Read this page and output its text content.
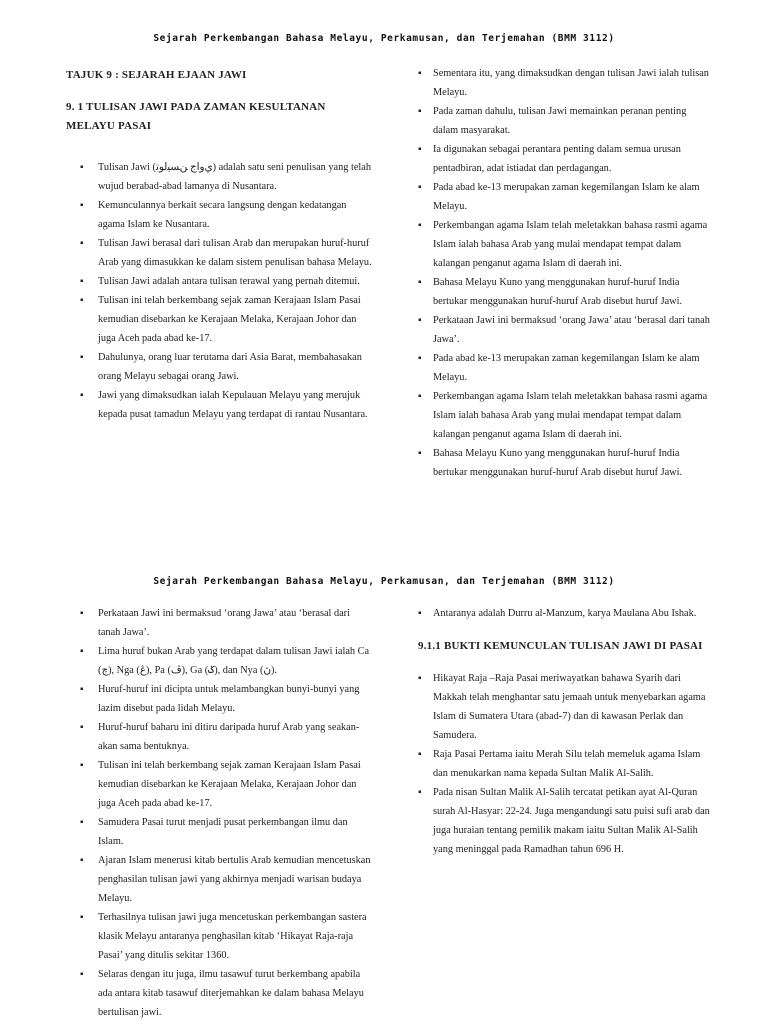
Sejarah Perkembangan Bahasa Melayu, Perkamusan, dan Terjemahan (BMM 3112)
TAJUK 9 : SEJARAH EJAAN JAWI
9. 1 TULISAN JAWI PADA ZAMAN KESULTANAN MELAYU PASAI
▪ Tulisan Jawi (ﻱﻭﺍﺝ ﻦﺴﻴﻟﻮﺗ) adalah satu seni penulisan yang telah wujud berabad-abad lamanya di Nusantara.
▪ Kemunculannya berkait secara langsung dengan kedatangan agama Islam ke Nusantara.
▪ Tulisan Jawi berasal dari tulisan Arab dan merupakan huruf-huruf Arab yang dimasukkan ke dalam sistem penulisan bahasa Melayu.
▪ Tulisan Jawi adalah antara tulisan terawal yang pernah ditemui.
▪ Tulisan ini telah berkembang sejak zaman Kerajaan Islam Pasai kemudian disebarkan ke Kerajaan Melaka, Kerajaan Johor dan juga Aceh pada abad ke-17.
▪ Dahulunya, orang luar terutama dari Asia Barat, membahasakan orang Melayu sebagai orang Jawi.
▪ Jawi yang dimaksudkan ialah Kepulauan Melayu yang merujuk kepada pusat tamadun Melayu yang terdapat di rantau Nusantara.
▪ Sementara itu, yang dimaksudkan dengan tulisan Jawi ialah tulisan Melayu.
▪ Pada zaman dahulu, tulisan Jawi memainkan peranan penting dalam masyarakat.
▪ Ia digunakan sebagai perantara penting dalam semua urusan pentadbiran, adat istiadat dan perdagangan.
▪ Pada abad ke-13 merupakan zaman kegemilangan Islam ke alam Melayu.
▪ Perkembangan agama Islam telah meletakkan bahasa rasmi agama Islam ialah bahasa Arab yang mulai mendapat tempat dalam kalangan penganut agama Islam di daerah ini.
▪ Bahasa Melayu Kuno yang menggunakan huruf-huruf India bertukar menggunakan huruf-huruf Arab disebut huruf Jawi.
▪ Perkataan Jawi ini bermaksud ‘orang Jawa’ atau ‘berasal dari tanah Jawa’.
▪ Pada abad ke-13 merupakan zaman kegemilangan Islam ke alam Melayu.
▪ Perkembangan agama Islam telah meletakkan bahasa rasmi agama Islam ialah bahasa Arab yang mulai mendapat tempat dalam kalangan penganut agama Islam di daerah ini.
▪ Bahasa Melayu Kuno yang menggunakan huruf-huruf India bertukar menggunakan huruf-huruf Arab disebut huruf Jawi.
Sejarah Perkembangan Bahasa Melayu, Perkamusan, dan Terjemahan (BMM 3112)
▪ Perkataan Jawi ini bermaksud ‘orang Jawa’ atau ‘berasal dari tanah Jawa’.
▪ Lima huruf bukan Arab yang terdapat dalam tulisan Jawi ialah Ca (چ), Nga (ڠ), Pa (ڤ), Ga (ݢ), dan Nya (ڽ).
▪ Huruf-huruf ini dicipta untuk melambangkan bunyi-bunyi yang lazim disebut pada lidah Melayu.
▪ Huruf-huruf baharu ini ditiru daripada huruf Arab yang seakan-akan sama bentuknya.
▪ Tulisan ini telah berkembang sejak zaman Kerajaan Islam Pasai kemudian disebarkan ke Kerajaan Melaka, Kerajaan Johor dan juga Aceh pada abad ke-17.
▪ Samudera Pasai turut menjadi pusat perkembangan ilmu dan Islam.
▪ Ajaran Islam menerusi kitab bertulis Arab kemudian mencetuskan penghasilan tulisan jawi yang akhirnya menjadi warisan budaya Melayu.
▪ Terhasilnya tulisan jawi juga mencetuskan perkembangan sastera klasik Melayu antaranya penghasilan kitab ‘Hikayat Raja-raja Pasai’ yang ditulis sekitar 1360.
▪ Selaras dengan itu juga, ilmu tasawuf turut berkembang apabila ada antara kitab tasawuf diterjemahkan ke dalam bahasa Melayu bertulisan jawi.
▪ Antaranya adalah Durru al-Manzum, karya Maulana Abu Ishak.
9.1.1 BUKTI KEMUNCULAN TULISAN JAWI DI PASAI
▪ Hikayat Raja –Raja Pasai meriwayatkan bahawa Syarih dari Makkah telah menghantar satu jemaah untuk menyebarkan agama Islam di Sumatera Utara (abad-7) dan di kawasan Perlak dan Samudera.
▪ Raja Pasai Pertama iaitu Merah Silu telah memeluk agama Islam dan menukarkan nama kepada Sultan Malik Al-Salih.
▪ Pada nisan Sultan Malik Al-Salih tercatat petikan ayat Al-Quran surah Al-Hasyar: 22-24. Juga mengandungi satu puisi sufi arab dan juga huraian tentang pemilik makam iaitu Sultan Malik Al-Salih yang meninggal pada Ramadhan tahun 696 H.
